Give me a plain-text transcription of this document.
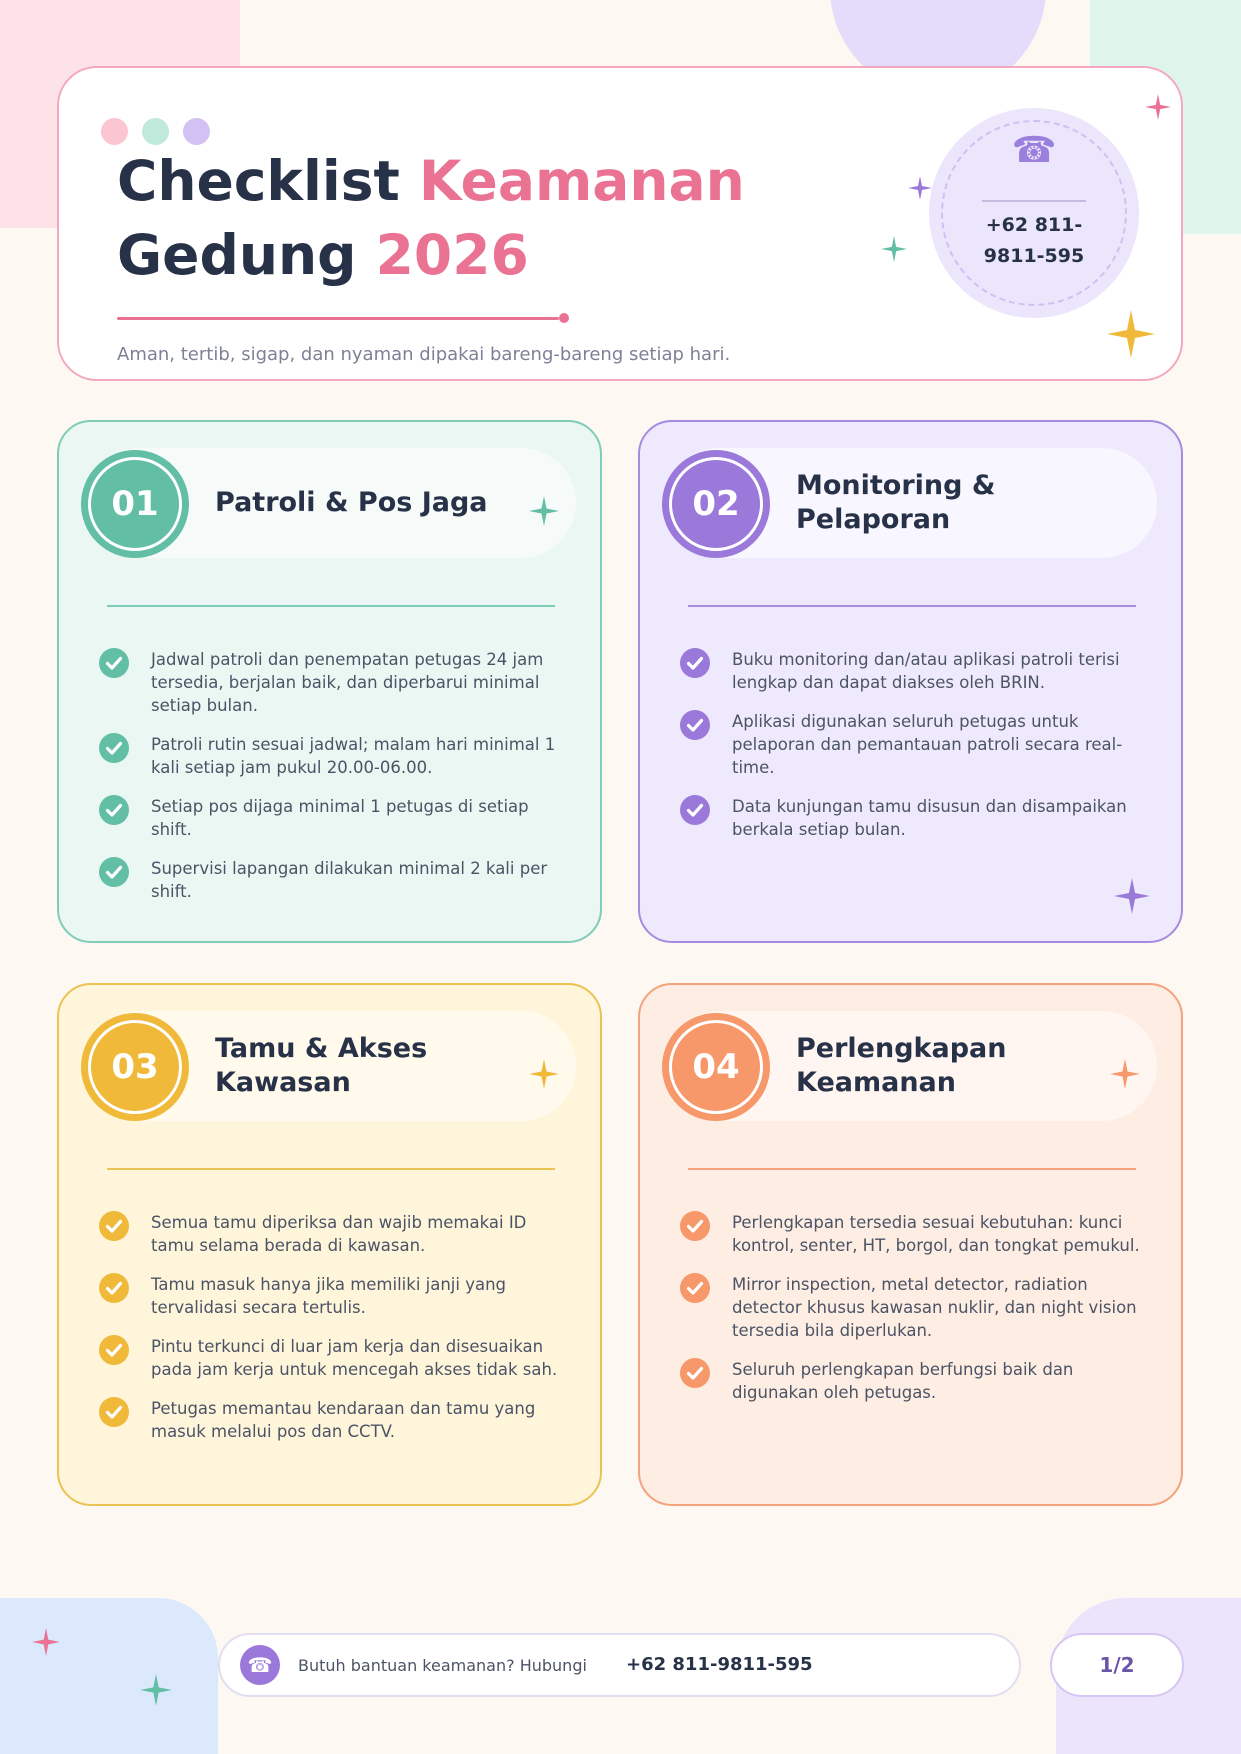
Checklist Keamanan
Gedung 2026

Aman, tertib, sigap, dan nyaman dipakai bareng-bareng setiap hari.

☎
+62 811-
9811-595
01	Patroli & Pos Jaga
Jadwal patroli dan penempatan petugas 24 jam tersedia, berjalan baik, dan diperbarui minimal setiap bulan.
Patroli rutin sesuai jadwal; malam hari minimal 1 kali setiap jam pukul 20.00-06.00.
Setiap pos dijaga minimal 1 petugas di setiap shift.
Supervisi lapangan dilakukan minimal 2 kali per shift.
02	Monitoring &
Pelaporan
Buku monitoring dan/atau aplikasi patroli terisi lengkap dan dapat diakses oleh BRIN.
Aplikasi digunakan seluruh petugas untuk pelaporan dan pemantauan patroli secara real-time.
Data kunjungan tamu disusun dan disampaikan berkala setiap bulan.
03	Tamu & Akses
Kawasan
Semua tamu diperiksa dan wajib memakai ID tamu selama berada di kawasan.
Tamu masuk hanya jika memiliki janji yang tervalidasi secara tertulis.
Pintu terkunci di luar jam kerja dan disesuaikan pada jam kerja untuk mencegah akses tidak sah.
Petugas memantau kendaraan dan tamu yang masuk melalui pos dan CCTV.
04	Perlengkapan
Keamanan
Perlengkapan tersedia sesuai kebutuhan: kunci kontrol, senter, HT, borgol, dan tongkat pemukul.
Mirror inspection, metal detector, radiation detector khusus kawasan nuklir, dan night vision tersedia bila diperlukan.
Seluruh perlengkapan berfungsi baik dan digunakan oleh petugas.
☎	Butuh bantuan keamanan? Hubungi +62 811-9811-595	1/2
